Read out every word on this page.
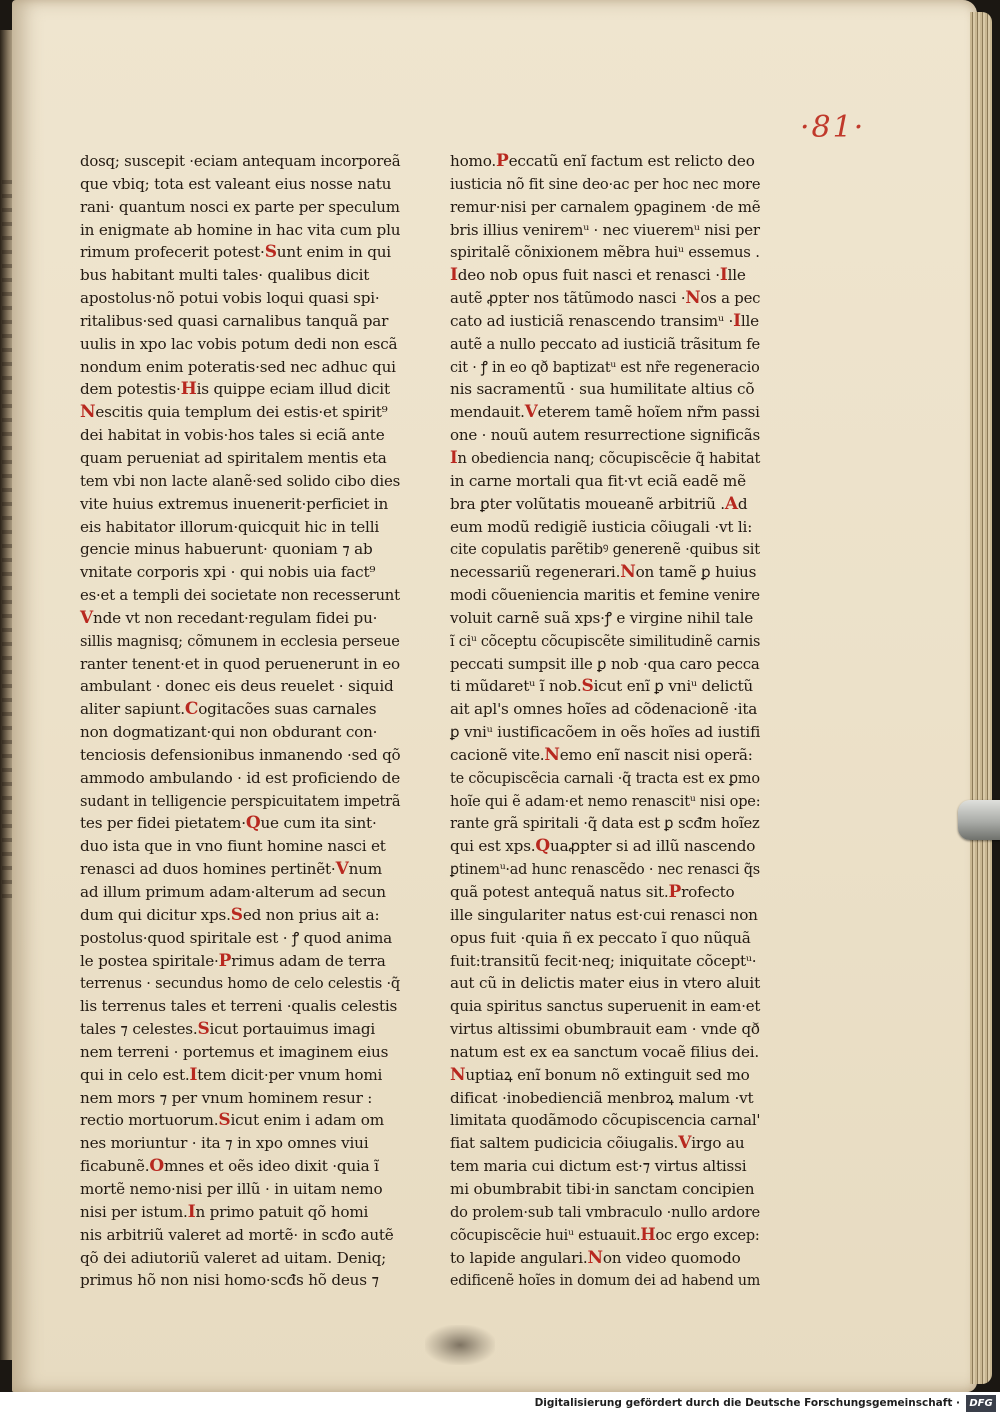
·81·
dosq; suscepit ·eciam antequam incorporeã
que vbiq; tota est valeant eius nosse natu
rani· quantum nosci ex parte per speculum
in enigmate ab homine in hac vita cum plu
rimum profecerit potest·Sunt enim in qui
bus habitant multi tales· qualibus dicit
apostolus·nõ potui vobis loqui quasi spi·
ritalibus·sed quasi carnalibus tanquã par
uulis in xpo lac vobis potum dedi non escã
nondum enim poteratis·sed nec adhuc qui
dem potestis·His quippe eciam illud dicit
Nescitis quia templum dei estis·et spirit⁹
dei habitat in vobis·hos tales si eciã ante
quam perueniat ad spiritalem mentis eta
tem vbi non lacte alanẽ·sed solido cibo dies
vite huius extremus inuenerit·perficiet in
eis habitator illorum·quicquit hic in telli
gencie minus habuerunt· quoniam ⁊ ab
vnitate corporis xpi · qui nobis uia fact⁹
es·et a templi dei societate non recesserunt
Vnde vt non recedant·regulam fidei pu·
sillis magnisq; cõmunem in ecclesia perseue
ranter tenent·et in quod peruenerunt in eo
ambulant · donec eis deus reuelet · siquid
aliter sapiunt.Cogitacões suas carnales
non dogmatizant·qui non obdurant con·
tenciosis defensionibus inmanendo ·sed qõ
ammodo ambulando · id est proficiendo de
sudant in telligencie perspicuitatem impetrã
tes per fidei pietatem·Que cum ita sint·
duo ista que in vno fiunt homine nasci et
renasci ad duos homines pertinẽt·Vnum
ad illum primum adam·alterum ad secun
dum qui dicitur xps.Sed non prius ait a:
postolus·quod spiritale est · ꝭ quod anima
le postea spiritale·Primus adam de terra
terrenus · secundus homo de celo celestis ·q̃
lis terrenus tales et terreni ·qualis celestis
tales ⁊ celestes.Sicut portauimus imagi
nem terreni · portemus et imaginem eius
qui in celo est.Item dicit·per vnum homi
nem mors ⁊ per vnum hominem resur :
rectio mortuorum.Sicut enim i adam om
nes moriuntur · ita ⁊ in xpo omnes viui
ficabunẽ.Omnes et oẽs ideo dixit ·quia ĩ
mortẽ nemo·nisi per illũ · in uitam nemo
nisi per istum.In primo patuit qõ homi
nis arbitriũ valeret ad mortẽ· in scđo autẽ
qõ dei adiutoriũ valeret ad uitam. Deniq;
primus hõ non nisi homo·scđs hõ deus ⁊
homo.Peccatũ enĩ factum est relicto deo
iusticia nõ fit sine deo·ac per hoc nec more
remur·nisi per carnalem ꝯpaginem ·de mẽ
bris illius veniremᵘ · nec viueremᵘ nisi per
spiritalẽ cõnixionem mẽbra huiᵘ essemus .
Ideo nob opus fuit nasci et renasci ·Ille
autẽ ꝓpter nos tãtũmodo nasci ·Nos a pec
cato ad iusticiã renascendo transimᵘ ·Ille
autẽ a nullo peccato ad iusticiã trãsitum fe
cit · ꝭ in eo qð baptizatᵘ est nr̃e regeneracio
nis sacramentũ · sua humilitate altius cõ
mendauit.Veterem tamẽ hoĩem nr̃m passi
one · nouũ autem resurrectione significãs
In obediencia nanq; cõcupiscẽcie q̃ habitat
in carne mortali qua fit·vt eciã eadẽ mẽ
bra ꝑter volũtatis moueanẽ arbitriũ .Ad
eum modũ redigiẽ iusticia cõiugali ·vt li:
cite copulatis parẽtibꝰ generenẽ ·quibus sit
necessariũ regenerari.Non tamẽ ꝑ huius
modi cõueniencia maritis et femine venire
voluit carnẽ suã xps·ꝭ e virgine nihil tale
ĩ ciᵘ cõceptu cõcupiscẽte similitudinẽ carnis
peccati sumpsit ille ꝑ nob ·qua caro pecca
ti mũdaretᵘ ĩ nob.Sicut enĩ ꝑ vniᵘ delictũ
ait apl's omnes hoĩes ad cõdenacionẽ ·ita
ꝑ vniᵘ iustificacõem in oẽs hoĩes ad iustifi
cacionẽ vite.Nemo enĩ nascit nisi operã:
te cõcupiscẽcia carnali ·q̃ tracta est ex ꝑmo
hoĩe qui ẽ adam·et nemo renascitᵘ nisi ope:
rante grã spiritali ·q̃ data est ꝑ scđm hoĩez
qui est xps.Quaꝓpter si ad illũ nascendo
ꝑtinemᵘ·ad hunc renascẽdo · nec renasci q̃s
quã potest antequã natus sit.Profecto
ille singulariter natus est·cui renasci non
opus fuit ·quia ñ ex peccato ĩ quo nũquã
fuit:transitũ fecit·neq; iniquitate cõceptᵘ·
aut cũ in delictis mater eius in vtero aluit
quia spiritus sanctus superuenit in eam·et
virtus altissimi obumbrauit eam · vnde qð
natum est ex ea sanctum vocaẽ filius dei.
Nuptiaꝝ enĩ bonum nõ extinguit sed mo
dificat ·inobedienciã menbroꝝ malum ·vt
limitata quodãmodo cõcupiscencia carnal'
fiat saltem pudicicia cõiugalis.Virgo au
tem maria cui dictum est·⁊ virtus altissi
mi obumbrabit tibi·in sanctam concipien
do prolem·sub tali vmbraculo ·nullo ardore
cõcupiscẽcie huiᵘ estuauit.Hoc ergo excep:
to lapide angulari.Non video quomodo
edificenẽ hoĩes in domum dei ad habend um
Digitalisierung gefördert durch die Deutsche Forschungsgemeinschaft · DFG
